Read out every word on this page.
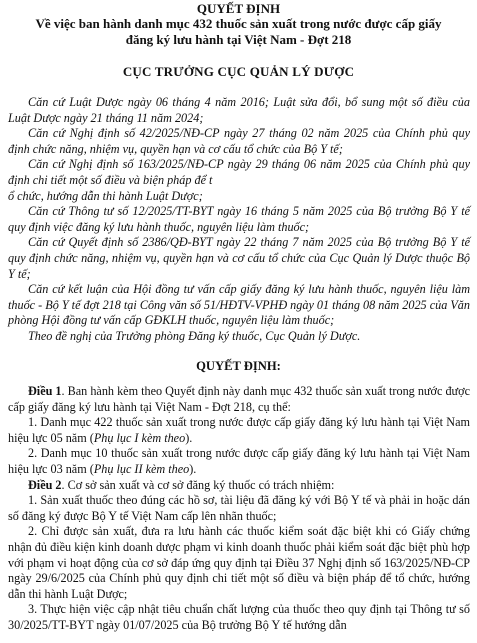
QUYẾT ĐỊNH
Về việc ban hành danh mục 432 thuốc sản xuất trong nước được cấp giấy
đăng ký lưu hành tại Việt Nam - Đợt 218
CỤC TRƯỞNG CỤC QUẢN LÝ DƯỢC

Căn cứ Luật Dược ngày 06 tháng 4 năm 2016; Luật sửa đổi, bổ sung một số điều của Luật Dược ngày 21 tháng 11 năm 2024;

Căn cứ Nghị định số 42/2025/NĐ-CP ngày 27 tháng 02 năm 2025 của Chính phủ quy định chức năng, nhiệm vụ, quyền hạn và cơ cấu tổ chức của Bộ Y tế;

Căn cứ Nghị định số 163/2025/NĐ-CP ngày 29 tháng 06 năm 2025 của Chính phủ quy định chi tiết một số điều và biện pháp để t

ổ chức, hướng dẫn thi hành Luật Dược;

Căn cứ Thông tư số 12/2025/TT-BYT ngày 16 tháng 5 năm 2025 của Bộ trưởng Bộ Y tế quy định việc đăng ký lưu hành thuốc, nguyên liệu làm thuốc;

Căn cứ Quyết định số 2386/QĐ-BYT ngày 22 tháng 7 năm 2025 của Bộ trưởng Bộ Y tế quy định chức năng, nhiệm vụ, quyền hạn và cơ cấu tổ chức của Cục Quản lý Dược thuộc Bộ Y tế;

Căn cứ kết luận của Hội đồng tư vấn cấp giấy đăng ký lưu hành thuốc, nguyên liệu làm thuốc - Bộ Y tế đợt 218 tại Công văn số 51/HĐTV-VPHĐ ngày 01 tháng 08 năm 2025 của Văn phòng Hội đồng tư vấn cấp GĐKLH thuốc, nguyên liệu làm thuốc;

Theo đề nghị của Trưởng phòng Đăng ký thuốc, Cục Quản lý Dược.

QUYẾT ĐỊNH:

Điều 1. Ban hành kèm theo Quyết định này danh mục 432 thuốc sản xuất trong nước được cấp giấy đăng ký lưu hành tại Việt Nam - Đợt 218, cụ thể:

1. Danh mục 422 thuốc sản xuất trong nước được cấp giấy đăng ký lưu hành tại Việt Nam hiệu lực 05 năm (Phụ lục I kèm theo).

2. Danh mục 10 thuốc sản xuất trong nước được cấp giấy đăng ký lưu hành tại Việt Nam hiệu lực 03 năm (Phụ lục II kèm theo).

Điều 2. Cơ sở sản xuất và cơ sở đăng ký thuốc có trách nhiệm:

1. Sản xuất thuốc theo đúng các hồ sơ, tài liệu đã đăng ký với Bộ Y tế và phải in hoặc dán số đăng ký được Bộ Y tế Việt Nam cấp lên nhãn thuốc;

2. Chỉ được sản xuất, đưa ra lưu hành các thuốc kiểm soát đặc biệt khi có Giấy chứng nhận đủ điều kiện kinh doanh dược phạm vi kinh doanh thuốc phải kiểm soát đặc biệt phù hợp với phạm vi hoạt động của cơ sở đáp ứng quy định tại Điều 37 Nghị định số 163/2025/NĐ-CP ngày 29/6/2025 của Chính phủ quy định chi tiết một số điều và biện pháp để tổ chức, hướng dẫn thi hành Luật Dược;

3. Thực hiện việc cập nhật tiêu chuẩn chất lượng của thuốc theo quy định tại Thông tư số 30/2025/TT-BYT ngày 01/07/2025 của Bộ trưởng Bộ Y tế hướng dẫn
